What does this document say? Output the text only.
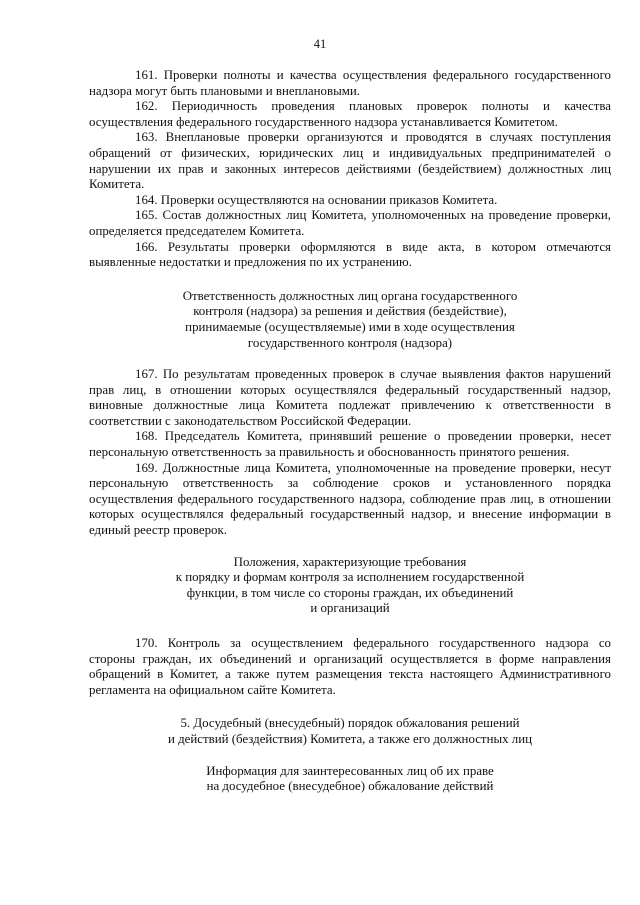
41

161. Проверки полноты и качества осуществления федерального государственного надзора могут быть плановыми и внеплановыми.

162. Периодичность проведения плановых проверок полноты и качества осуществления федерального государственного надзора устанавливается Комитетом.

163. Внеплановые проверки организуются и проводятся в случаях поступления обращений от физических, юридических лиц и индивидуальных предпринимателей о нарушении их прав и законных интересов действиями (бездействием) должностных лиц Комитета.

164. Проверки осуществляются на основании приказов Комитета.

165. Состав должностных лиц Комитета, уполномоченных на проведение проверки, определяется председателем Комитета.

166. Результаты проверки оформляются в виде акта, в котором отмечаются выявленные недостатки и предложения по их устранению.

Ответственность должностных лиц органа государственного
контроля (надзора) за решения и действия (бездействие),
принимаемые (осуществляемые) ими в ходе осуществления
государственного контроля (надзора)

167. По результатам проведенных проверок в случае выявления фактов нарушений прав лиц, в отношении которых осуществлялся федеральный государственный надзор, виновные должностные лица Комитета подлежат привлечению к ответственности в соответствии с законодательством Российской Федерации.

168. Председатель Комитета, принявший решение о проведении проверки, несет персональную ответственность за правильность и обоснованность принятого решения.

169. Должностные лица Комитета, уполномоченные на проведение проверки, несут персональную ответственность за соблюдение сроков и установленного порядка осуществления федерального государственного надзора, соблюдение прав лиц, в отношении которых осуществлялся федеральный государственный надзор, и внесение информации в единый реестр проверок.

Положения, характеризующие требования
к порядку и формам контроля за исполнением государственной
функции, в том числе со стороны граждан, их объединений
и организаций

170. Контроль за осуществлением федерального государственного надзора со стороны граждан, их объединений и организаций осуществляется в форме направления обращений в Комитет, а также путем размещения текста настоящего Административного регламента на официальном сайте Комитета.

5. Досудебный (внесудебный) порядок обжалования решений
и действий (бездействия) Комитета, а также его должностных лиц
Информация для заинтересованных лиц об их праве
на досудебное (внесудебное) обжалование действий
